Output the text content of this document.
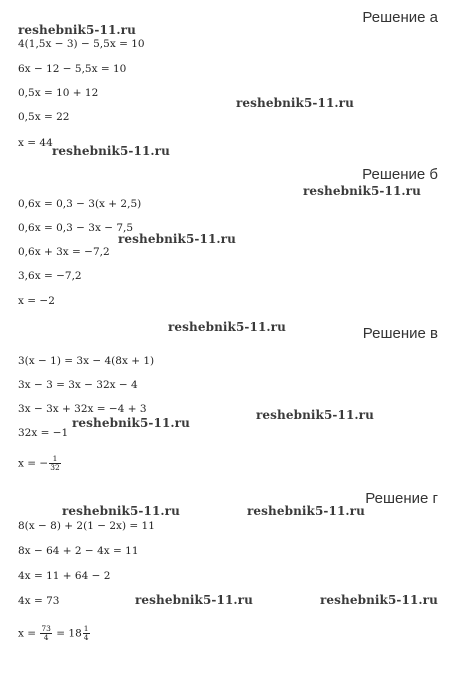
Решение а
4(1,5x − 3) − 5,5x = 10
6x − 12 − 5,5x = 10
0,5x = 10 + 12
0,5x = 22
x = 44
Решение б
0,6x = 0,3 − 3(x + 2,5)
0,6x = 0,3 − 3x − 7,5
0,6x + 3x = −7,2
3,6x = −7,2
x = −2
Решение в
3(x − 1) = 3x − 4(8x + 1)
3x − 3 = 3x − 32x − 4
3x − 3x + 32x = −4 + 3
32x = −1
x = − $\frac{1}{32}$
Решение г
8(x − 8) + 2(1 − 2x) = 11
8x − 64 + 2 − 4x = 11
4x = 11 + 64 − 2
4x = 73
$x = \frac{73}{4} = 18 \frac{1}{4}$
reshebnik5-11.ru
reshebnik5-11.ru
reshebnik5-11.ru
reshebnik5-11.ru
reshebnik5-11.ru
reshebnik5-11.ru
reshebnik5-11.ru
reshebnik5-11.ru
reshebnik5-11.ru	reshebnik5-11.ru
reshebnik5-11.ru	reshebnik5-11.ru
